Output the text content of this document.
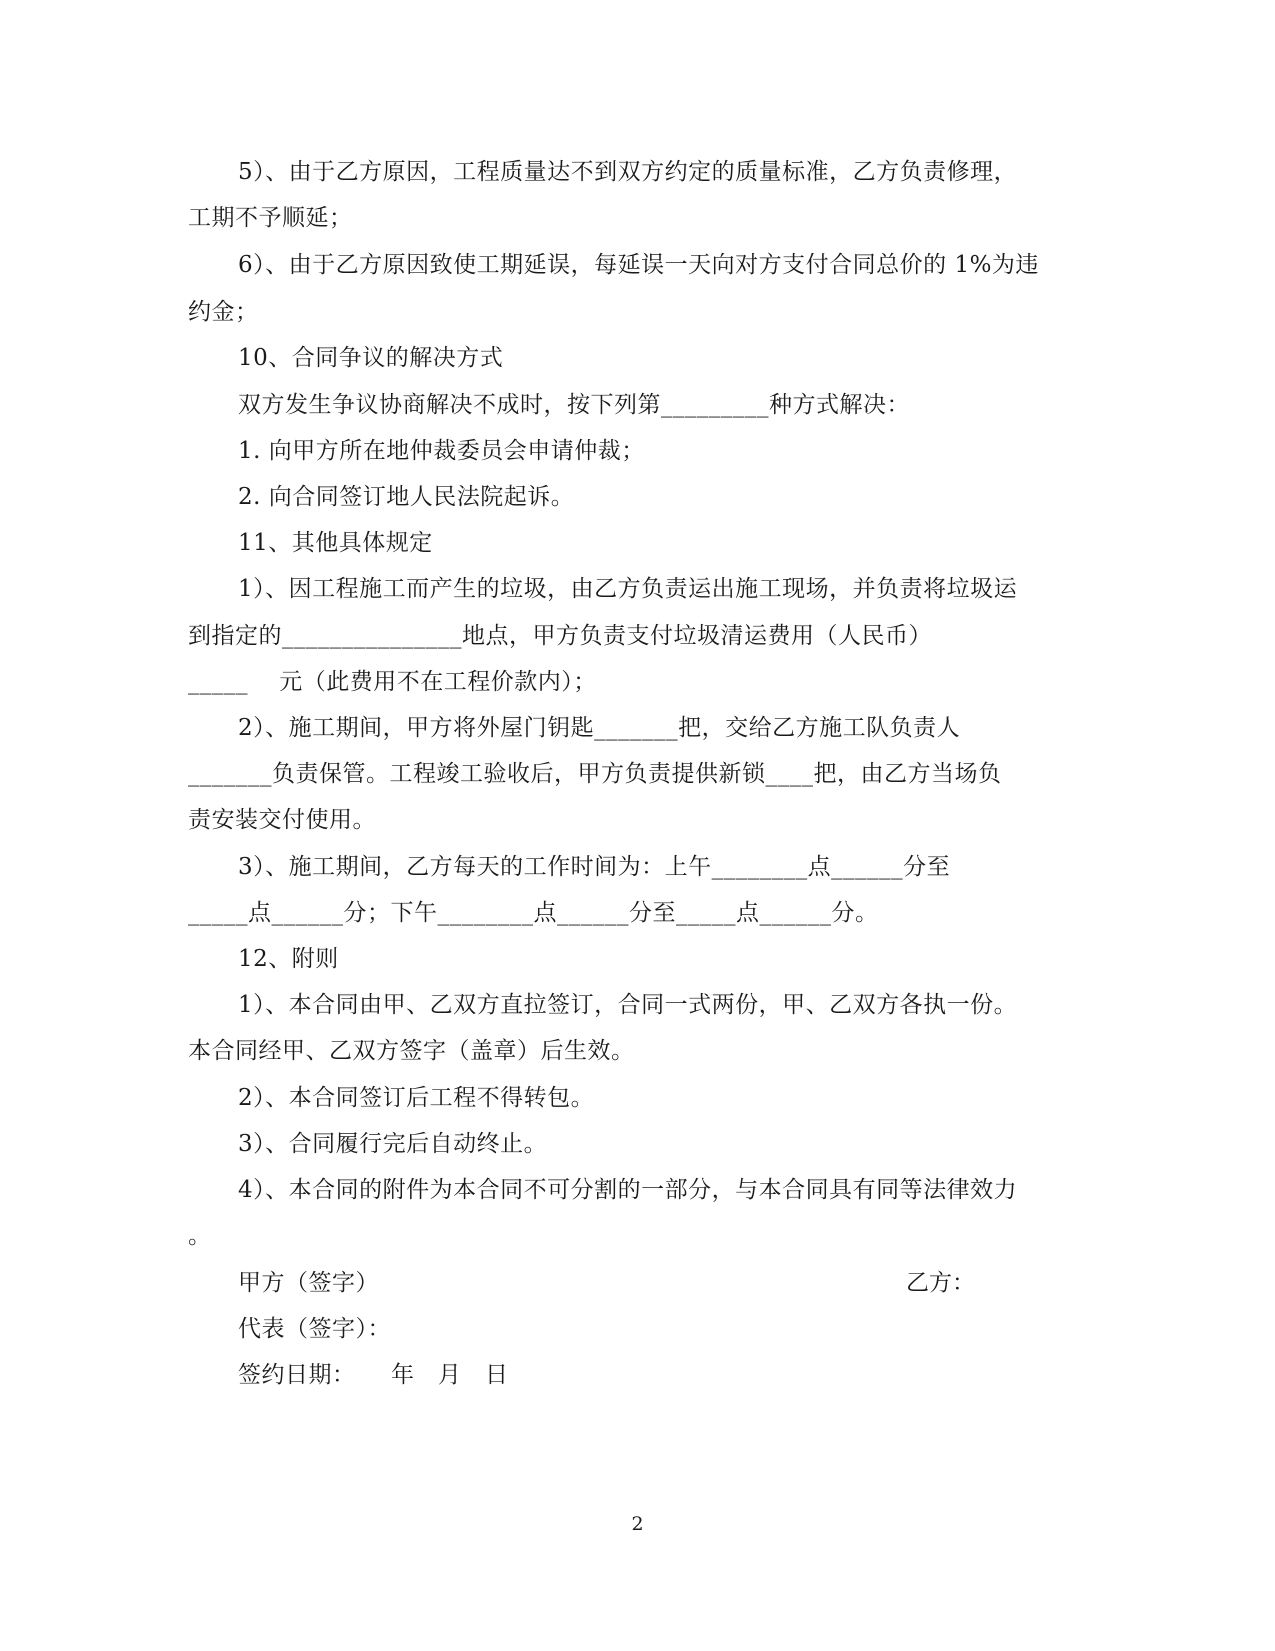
5）、由于乙方原因，工程质量达不到双方约定的质量标准，乙方负责修理，
工期不予顺延；
6）、由于乙方原因致使工期延误，每延误一天向对方支付合同总价的 1%为违
约金；
10、合同争议的解决方式
双方发生争议协商解决不成时，按下列第_________种方式解决：
1. 向甲方所在地仲裁委员会申请仲裁；
2. 向合同签订地人民法院起诉。
11、其他具体规定
1）、因工程施工而产生的垃圾，由乙方负责运出施工现场，并负责将垃圾运
到指定的_______________地点，甲方负责支付垃圾清运费用（人民币）
_____　 元（此费用不在工程价款内）；
2）、施工期间，甲方将外屋门钥匙_______把，交给乙方施工队负责人
_______负责保管。工程竣工验收后，甲方负责提供新锁____把，由乙方当场负
责安装交付使用。
3）、施工期间，乙方每天的工作时间为：上午________点______分至
_____点______分；下午________点______分至_____点______分。
12、附则
1）、本合同由甲、乙双方直拉签订，合同一式两份，甲、乙双方各执一份。
本合同经甲、乙双方签字（盖章）后生效。
2）、本合同签订后工程不得转包。
3）、合同履行完后自动终止。
4）、本合同的附件为本合同不可分割的一部分，与本合同具有同等法律效力
。
甲方（签字）	乙方：
代表（签字）：
签约日期：　　年　月　日
2
